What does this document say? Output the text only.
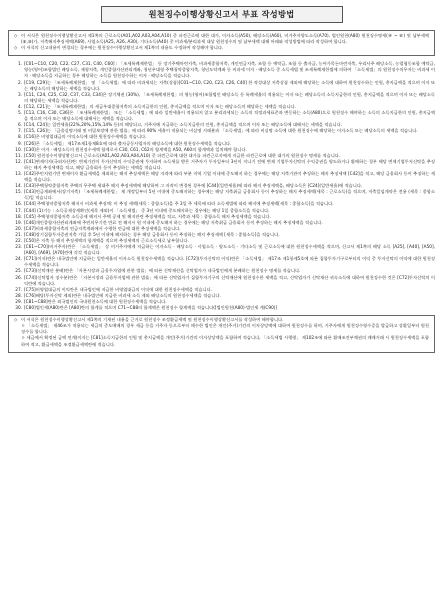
원천징수이행상황신고서 부표 작성방법
◇ 이 서식은 원천징수이행상황신고서 제1쪽의 근로소득(A01,A02,A03,A04,A10) 중 파견근로에 대한 대가, 이자소득(A50), 배당소득(A60), 비거주자양도소득(A70), 법인원천(A80) 원천징수명세(④ ~ ⑥) 및 납부세액(⑨,⑩)가, 저축해지추징세액(A69), 사업소득(A25, A26, A30), 기타소득(A40) 중 비과세/분리과세 대상 원천징수의 및 납부세액 대해 아래와 작성방법에 따라 작성하여 합니다.
◇ 이 서식의 신고내용이 변경되는 경우에는 원천징수이행상황신고서 제1쪽의 내용도 수정하여 작성해야 합니다.
1. [C01~C10, C20, C22, C27, C31, C40, C60] : 「조세특례제한법」 등 장기주택마련저축, 비과세종합저축, 개인연금저축, 조합 등 예탁금, 조합 등 출자금, 농어가목돈마련저축, 우리사주 배당소득, 농업협동조합 예탁금, 영농(영어)조합법인 배당소득, 재형저축, 개인종합자산관리계좌, 청년우대형 주택청약종합저축, 청년도약계좌 등 비과세 이자 · 배당소득 중 소득세법 및 조세특례제한법에 의하여 「소득세법」의 원천징수의무자는 비과세 이자 · 배당소득을 지급하는 경우 해당하는 소득을 원천징수하는 이자 · 배당소득을 적습니다.
2. [C19, C29]는 「조세특례제한법」 및 「소득세법」에 따라 비과세되는 저축(상품)[C01~C10, C20, C23, C26, C40] 한 작성대상 저축상품 제외에 해당하는 소득에 대하여 원천징수하는 인원, 총지급액을 적으며 이자 또는 배당소득의 해당하는 세액을 적습니다.
3. [C11, C24, C25, C32, C37, C33, C34]은 장기채권 (30%), 「조세특례제한법」의 영농(영어)조합법인 배당소득 등 특례세율의 적용되는 이자 또는 배당소득의 소득지급한의 인원, 총지급액을 적으며 이자 또는 배당소득의 해당하는 세액을 적습니다.
4. [C12, C21]는 「조세특례제한법」의 세금우대종합저축의 소득지급한의 인원, 총지급액을 적으며 이자 또는 배당소득의 해당하는 세액을 적습니다.
5. [C13, C16, C30, C36]은 「조세특례제한법」 또는 「소득세법」에 따라 일반세율이 적용되지 않고 분리과세되는 소득의 적정과세표준과 변동하는 소득(A80)으로 원천징수 해야하는 소득의 소득지급한의 인원, 총지급액을 적으며 이자 또는 배당소득에 대해서는 세액을 적습니다.
6. [C14, C24]는 일반세율(22%,20%,15%,14% 등)의 해당되고, 거주자에 지급하는 소득지급한의 인원, 총지급액을 적으며 이자 또는 배당소득에 대해서는 세액을 적습니다.
7. [C15, C26]는 「금융실명거래 및 비밀보장에 관한 법률」에 따라 90% 세율이 적용되는 비실명 거래분과 「소득세법」에 따라 비실명 소득에 대한 원천징수에 해당하는 이자소득 또는 배당소득의 세액을 적습니다.
8. [C16]은 비영업대금의 이익소득에 대한 원천징수세액을 적습니다.
9. [C26]은 「소득세법」 제17조제1항제8호에 따라 출자공동사업자의 배당소득에 대한 원천징수세액을 적습니다.
10. [C30]은 이자 · 배당소득의 원천징수세액 합계로서 C30, C61, C62의 합계액을 A50, A60의 합계액과 일치해야 합니다.
11. [C50] 원천징수이행상황신고서 근로소득(A01,A02,A03,A04,A10) 중 파견근로에 대한 대가를 파견근로자에게 지급한 파견근로에 대한 대가의 원천징수 명세를 적습니다.
12. [C41]변제이자(국외자산)란: 변제기간이 투자신탁의 수익증권에 투자하여 소득세를 받은 거주자가 투자일부터 3년이 지나기 전에 변제 기업투자신탁의 수익증권을 양도하거나 환매하는 경우 해당 변제기업투자신탁을 추징하는 해지 추징세액을 적고, 해당 금융회사 등이 추징하는 세액을 적습니다.
13. [C42]주민지원기반 변제이자 환급세액을 제외하는 해지 추징세액은 해당 자격에 따라 부분 지역 기업 이내에 중도해지 하는 경우에는 해당 저축기관이 추징하는 해지 추징세액 [C42]을 적고, 해당 금융회사 등이 추징하는 세액을 적습니다.
14. [C43]주택청약종합저축 주택의 무주택 세대주 해지 추징세액에 해당하여 그 자격이 변경된 경우에 [C44](일반세율)에 따라 해지 추징세액을, 배당소득은 [C24](일반세율)에 적습니다.
15. [C43]연금계좌에서(장기저축) 「조세특례제한법」 제 개정일부터 5년 이내에 중도해지하는 경우에는 해당 저축취급 금융회사 등이 추징하는 해지 추징세액(세목 : 근로소득)을 적으며, 저축일임계약은 전용 (세목 : 종합소득)일 적습니다.
16. [C44] 주택청약종합저축 해지시 비과세 추징액: 이 추징 세액(세목 : 종합소득)을 주 3일 주 세목에 따라 소득세법에 따라 해지에 추징세액[세목 : 종합소득]을 적습니다.
17. [C44] (1)기능 : 소득공제상세확인(세목 제외)이 「소득세법」 중 3년 이내에 중도해지하는 경우에는 해당 1일 종합소득을 적습니다.
18. [C45] 주택청약종합저축 소득공제 해지시 주택 공제 및 해지관련 추징세액을 적고, 저축과 세목 : 종합소득 해지 추징세액을 적습니다.
19. [C46]개인종합자산관리계좌에 주민의무기간 만료 전 해지시 원 이내에 중도해지 하는 경우에는 해당 저축취급 금융회사 등이 추징하는 해지 추징세액을 적습니다.
20. [C47]비과세종합저축의 연금저축계좌에서 수령한 연금에 대한 추징세액을 적습니다.
21. [C48]장기집합투자증권저축 가입 후 5년 이내에 해지하는 경우 해당 금융회사 등이 추징하는 해지 추징세액 [세목 : 종합소득]을 적습니다.
22. [C50]은 저축 등 해지 추징세액의 합계액을 적으며 추징세액의 근로소득세로 납부합니다.
23. [C61~C70](비거주자)란은 「소득세법」 상 비거주자에게 지급하는 이자소득 · 배당소득 · 사업소득 · 양도소득 · 기타소득 및 근로소득에 대한 원천징수세액을 적으며, 신고서 제1쪽의 해당 소득 [A25], [A40], [A50], [A60], [A69], [A70]란에 각각 적습니다.
24. [C71](이자)란은 내국법인에 지급하는 일반세율의 이자소득 원천징수세액을 적습니다. [C72](투자신탁의 이익)란은 「소득세법」 제17조 제1항제5호에 따른 집합투자기구로부터의 이익 중 투자신탁의 이익에 대한 원천징수세액을 적습니다.
25. [C73](신탁재산 분배)란은 「자본시장과 금융투자업에 관한 법률」에 따른 신탁재산을 신탁업자가 내국법인에게 분배하는 원천징수 명세를 적습니다.
26. [C74](신탁업자 징수분)란은 「자본시장과 금융투자업에 관한 법률」에 따른 신탁업자가 집합투자기구의 신탁재산에 원천징수한 세액을 적고, 신탁업자가 신탁재산 귀속소득에 대하여 원천징수한 것은 [C72]투자신탁의 이익란에 적습니다.
27. [C75]비영업대금의 이익란은 내국법인에 지급한 비영업대금의 이익에 대한 원천징수세액을 적습니다.
28. [C76]배당(투자신탁 제외)란은 내국법인에 지급한 비과세 소득 제외 배당소득의 원천징수세액을 적습니다.
29. [C81~C88]란은 외국법인의 국내원천소득에 대한 원천징수세액을 적습니다.
30. [C80]법인세(A80)란은 [A80]란의 합계를 적으며 C71~C88의 합계액은 원천징수 합계액을 적습니다([법인원천(A80)·법인세 계(C90)]
◇ 이 서식은 원천징수이행상황신고서 제1쪽의 기재된 내용을 근거로 원천징수 조정환급세액 및 원천징수이행상황신고서를 작성하여 해야합니다.
ㅇ 「소득세법」 제46조가 적용되는 세금의 중도매매의 경우 세금 등을 거주자 등으로부터 매수한 법인은 개인(주거)기간의 이자상당액에 대하여 원천징수를 하며, 거주자에게 원천징수영수증을 발급하고 상환일부터 원천징수를 합니다.
ㅇ 세금에서 확정된 금액 연계(이자는 [C81]소득지급한의 인원 및 총지급액을 개인(주거)기간의 이자상당액을 포함하여 적습니다, 「소득세법 시행령」 제102조에 따른 환매조건부채권의 매매거래 시 원천징수세액을 포함하여 적고, 환급세액을 조정환급세액란에 적습니다.
